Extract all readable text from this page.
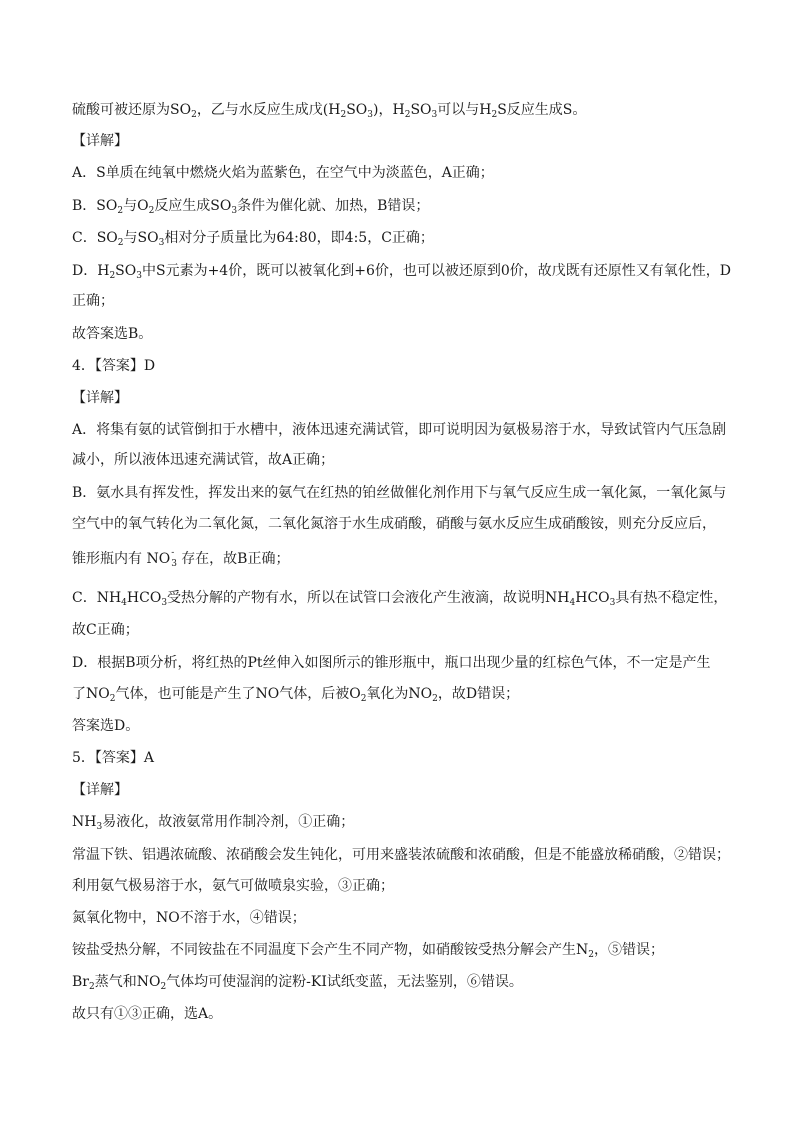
硫酸可被还原为$SO_2$，乙与水反应生成戊$(H_2SO_3)$，$H_2SO_3$可以与$H_2S$反应生成S。
【详解】
A．S单质在纯氧中燃烧火焰为蓝紫色，在空气中为淡蓝色，A正确；
B．$SO_2$与$O_2$反应生成$SO_3$条件为催化就、加热，B错误；
C．$SO_2$与$SO_3$相对分子质量比为64:80，即4:5，C正确；
D．$H_2SO_3$中S元素为+4价，既可以被氧化到+6价，也可以被还原到0价，故戊既有还原性又有氧化性，D
正确；
故答案选B。
4．【答案】D
【详解】
A．将集有氨的试管倒扣于水槽中，液体迅速充满试管，即可说明因为氨极易溶于水，导致试管内气压急剧
减小，所以液体迅速充满试管，故A正确；
B．氨水具有挥发性，挥发出来的氨气在红热的铂丝做催化剂作用下与氧气反应生成一氧化氮，一氧化氮与
空气中的氧气转化为二氧化氮，二氧化氮溶于水生成硝酸，硝酸与氨水反应生成硝酸铵，则充分反应后，
锥形瓶内有 NO -
3 存在，故B正确；
C．$NH_4HCO_3$受热分解的产物有水，所以在试管口会液化产生液滴，故说明$NH_4HCO_3$具有热不稳定性，
故C正确；
D．根据B项分析，将红热的Pt丝伸入如图所示的锥形瓶中，瓶口出现少量的红棕色气体，不一定是产生
了$NO_2$气体，也可能是产生了NO气体，后被$O_2$氧化为$NO_2$，故D错误；
答案选D。
5．【答案】A
【详解】
$NH_3$易液化，故液氨常用作制冷剂，①正确；
常温下铁、铝遇浓硫酸、浓硝酸会发生钝化，可用来盛装浓硫酸和浓硝酸，但是不能盛放稀硝酸，②错误；
利用氨气极易溶于水，氨气可做喷泉实验，③正确；
氮氧化物中，NO不溶于水，④错误；
铵盐受热分解，不同铵盐在不同温度下会产生不同产物，如硝酸铵受热分解会产生$N_2$，⑤错误；
$Br_2$蒸气和$NO_2$气体均可使湿润的淀粉-KI试纸变蓝，无法鉴别，⑥错误。
故只有①③正确，选A。
